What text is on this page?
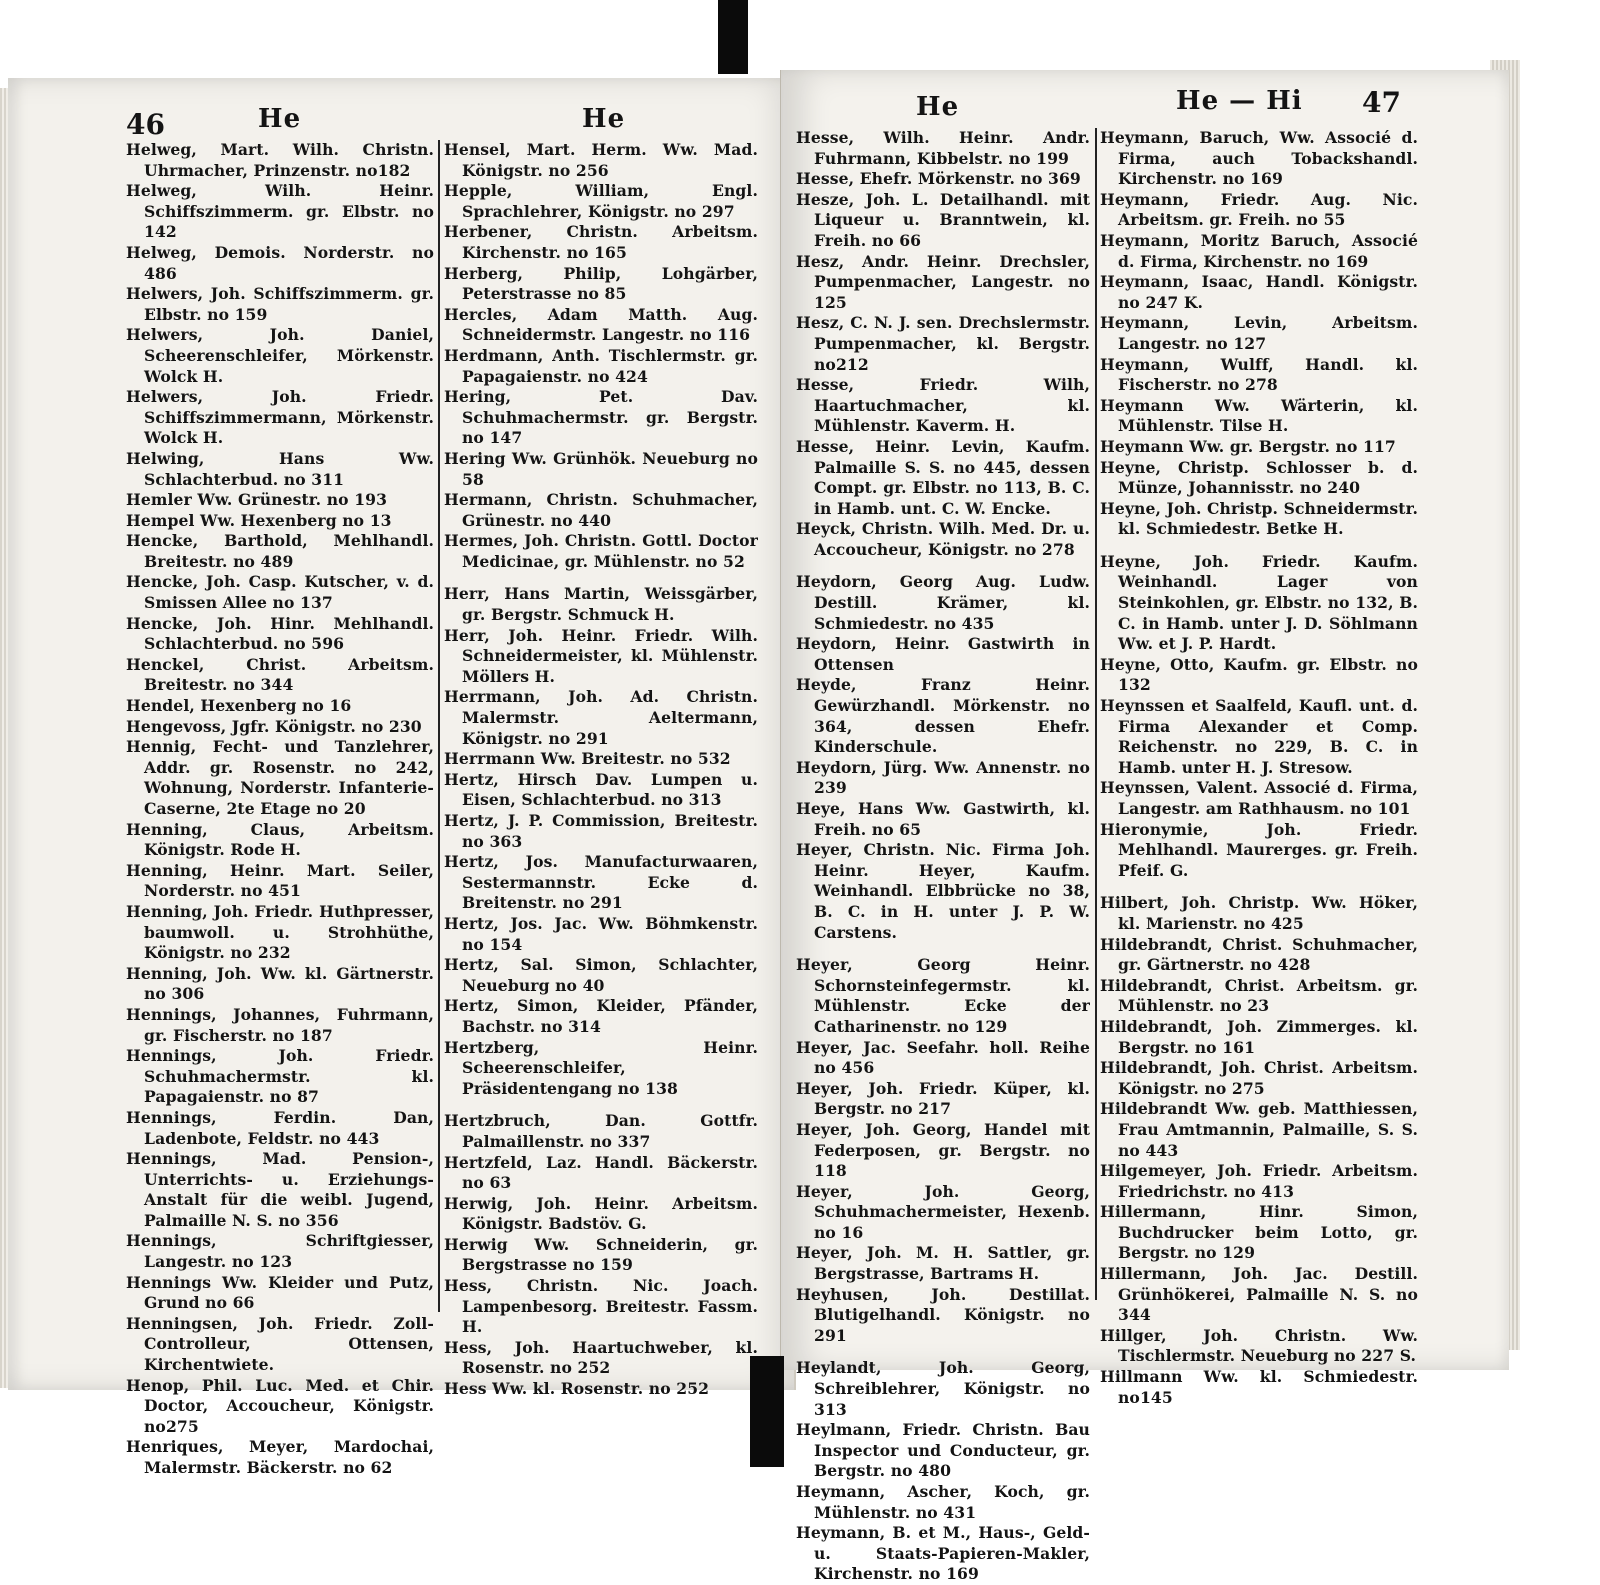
46	He	He	He	He — Hi 47

Helweg, Mart. Wilh. Christn. Uhrmacher, Prinzenstr. no182

Helweg, Wilh. Heinr. Schiffszimmerm. gr. Elbstr. no 142

Helweg, Demois. Norderstr. no 486

Helwers, Joh. Schiffszimmerm. gr. Elbstr. no 159

Helwers, Joh. Daniel, Scheerenschleifer, Mörkenstr. Wolck H.

Helwers, Joh. Friedr. Schiffszimmermann, Mörkenstr. Wolck H.

Helwing, Hans Ww. Schlachterbud. no 311

Hemler Ww. Grünestr. no 193

Hempel Ww. Hexenberg no 13

Hencke, Barthold, Mehlhandl. Breitestr. no 489

Hencke, Joh. Casp. Kutscher, v. d. Smissen Allee no 137

Hencke, Joh. Hinr. Mehlhandl. Schlachterbud. no 596

Henckel, Christ. Arbeitsm. Breitestr. no 344

Hendel, Hexenberg no 16

Hengevoss, Jgfr. Königstr. no 230

Hennig, Fecht- und Tanzlehrer, Addr. gr. Rosenstr. no 242, Wohnung, Norderstr. Infanterie-Caserne, 2te Etage no 20

Henning, Claus, Arbeitsm. Königstr. Rode H.

Henning, Heinr. Mart. Seiler, Norderstr. no 451

Henning, Joh. Friedr. Huthpresser, baumwoll. u. Strohhüthe, Königstr. no 232

Henning, Joh. Ww. kl. Gärtnerstr. no 306

Hennings, Johannes, Fuhrmann, gr. Fischerstr. no 187

Hennings, Joh. Friedr. Schuhmachermstr. kl. Papagaienstr. no 87

Hennings, Ferdin. Dan, Ladenbote, Feldstr. no 443

Hennings, Mad. Pension-, Unterrichts- u. Erziehungs-Anstalt für die weibl. Jugend, Palmaille N. S. no 356

Hennings, Schriftgiesser, Langestr. no 123

Hennings Ww. Kleider und Putz, Grund no 66

Henningsen, Joh. Friedr. Zoll-Controlleur, Ottensen, Kirchentwiete.

Henop, Phil. Luc. Med. et Chir. Doctor, Accoucheur, Königstr. no275

Henriques, Meyer, Mardochai, Malermstr. Bäckerstr. no 62

Hensel, Mart. Herm. Ww. Mad. Königstr. no 256

Hepple, William, Engl. Sprachlehrer, Königstr. no 297

Herbener, Christn. Arbeitsm. Kirchenstr. no 165

Herberg, Philip, Lohgärber, Peterstrasse no 85

Hercles, Adam Matth. Aug. Schneidermstr. Langestr. no 116

Herdmann, Anth. Tischlermstr. gr. Papagaienstr. no 424

Hering, Pet. Dav. Schuhmachermstr. gr. Bergstr. no 147

Hering Ww. Grünhök. Neueburg no 58

Hermann, Christn. Schuhmacher, Grünestr. no 440

Hermes, Joh. Christn. Gottl. Doctor Medicinae, gr. Mühlenstr. no 52

Herr, Hans Martin, Weissgärber, gr. Bergstr. Schmuck H.

Herr, Joh. Heinr. Friedr. Wilh. Schneidermeister, kl. Mühlenstr. Möllers H.

Herrmann, Joh. Ad. Christn. Malermstr. Aeltermann, Königstr. no 291

Herrmann Ww. Breitestr. no 532

Hertz, Hirsch Dav. Lumpen u. Eisen, Schlachterbud. no 313

Hertz, J. P. Commission, Breitestr. no 363

Hertz, Jos. Manufacturwaaren, Sestermannstr. Ecke d. Breitenstr. no 291

Hertz, Jos. Jac. Ww. Böhmkenstr. no 154

Hertz, Sal. Simon, Schlachter, Neueburg no 40

Hertz, Simon, Kleider, Pfänder, Bachstr. no 314

Hertzberg, Heinr. Scheerenschleifer, Präsidentengang no 138

Hertzbruch, Dan. Gottfr. Palmaillenstr. no 337

Hertzfeld, Laz. Handl. Bäckerstr. no 63

Herwig, Joh. Heinr. Arbeitsm. Königstr. Badstöv. G.

Herwig Ww. Schneiderin, gr. Bergstrasse no 159

Hess, Christn. Nic. Joach. Lampenbesorg. Breitestr. Fassm. H.

Hess, Joh. Haartuchweber, kl. Rosenstr. no 252

Hess Ww. kl. Rosenstr. no 252

Hesse, Wilh. Heinr. Andr. Fuhrmann, Kibbelstr. no 199

Hesse, Ehefr. Mörkenstr. no 369

Hesze, Joh. L. Detailhandl. mit Liqueur u. Branntwein, kl. Freih. no 66

Hesz, Andr. Heinr. Drechsler, Pumpenmacher, Langestr. no 125

Hesz, C. N. J. sen. Drechslermstr. Pumpenmacher, kl. Bergstr. no212

Hesse, Friedr. Wilh, Haartuchmacher, kl. Mühlenstr. Kaverm. H.

Hesse, Heinr. Levin, Kaufm. Palmaille S. S. no 445, dessen Compt. gr. Elbstr. no 113, B. C. in Hamb. unt. C. W. Encke.

Heyck, Christn. Wilh. Med. Dr. u. Accoucheur, Königstr. no 278

Heydorn, Georg Aug. Ludw. Destill. Krämer, kl. Schmiedestr. no 435

Heydorn, Heinr. Gastwirth in Ottensen

Heyde, Franz Heinr. Gewürzhandl. Mörkenstr. no 364, dessen Ehefr. Kinderschule.

Heydorn, Jürg. Ww. Annenstr. no 239

Heye, Hans Ww. Gastwirth, kl. Freih. no 65

Heyer, Christn. Nic. Firma Joh. Heinr. Heyer, Kaufm. Weinhandl. Elbbrücke no 38, B. C. in H. unter J. P. W. Carstens.

Heyer, Georg Heinr. Schornsteinfegermstr. kl. Mühlenstr. Ecke der Catharinenstr. no 129

Heyer, Jac. Seefahr. holl. Reihe no 456

Heyer, Joh. Friedr. Küper, kl. Bergstr. no 217

Heyer, Joh. Georg, Handel mit Federposen, gr. Bergstr. no 118

Heyer, Joh. Georg, Schuhmachermeister, Hexenb. no 16

Heyer, Joh. M. H. Sattler, gr. Bergstrasse, Bartrams H.

Heyhusen, Joh. Destillat. Blutigelhandl. Königstr. no 291

Heylandt, Joh. Georg, Schreiblehrer, Königstr. no 313

Heylmann, Friedr. Christn. Bau Inspector und Conducteur, gr. Bergstr. no 480

Heymann, Ascher, Koch, gr. Mühlenstr. no 431

Heymann, B. et M., Haus-, Geld- u. Staats-Papieren-Makler, Kirchenstr. no 169

Heymann, Baruch, Ww. Associé d. Firma, auch Tobackshandl. Kirchenstr. no 169

Heymann, Friedr. Aug. Nic. Arbeitsm. gr. Freih. no 55

Heymann, Moritz Baruch, Associé d. Firma, Kirchenstr. no 169

Heymann, Isaac, Handl. Königstr. no 247 K.

Heymann, Levin, Arbeitsm. Langestr. no 127

Heymann, Wulff, Handl. kl. Fischerstr. no 278

Heymann Ww. Wärterin, kl. Mühlenstr. Tilse H.

Heymann Ww. gr. Bergstr. no 117

Heyne, Christp. Schlosser b. d. Münze, Johannisstr. no 240

Heyne, Joh. Christp. Schneidermstr. kl. Schmiedestr. Betke H.

Heyne, Joh. Friedr. Kaufm. Weinhandl. Lager von Steinkohlen, gr. Elbstr. no 132, B. C. in Hamb. unter J. D. Söhlmann Ww. et J. P. Hardt.

Heyne, Otto, Kaufm. gr. Elbstr. no 132

Heynssen et Saalfeld, Kaufl. unt. d. Firma Alexander et Comp. Reichenstr. no 229, B. C. in Hamb. unter H. J. Stresow.

Heynssen, Valent. Associé d. Firma, Langestr. am Rathhausm. no 101

Hieronymie, Joh. Friedr. Mehlhandl. Maurerges. gr. Freih. Pfeif. G.

Hilbert, Joh. Christp. Ww. Höker, kl. Marienstr. no 425

Hildebrandt, Christ. Schuhmacher, gr. Gärtnerstr. no 428

Hildebrandt, Christ. Arbeitsm. gr. Mühlenstr. no 23

Hildebrandt, Joh. Zimmerges. kl. Bergstr. no 161

Hildebrandt, Joh. Christ. Arbeitsm. Königstr. no 275

Hildebrandt Ww. geb. Matthiessen, Frau Amtmannin, Palmaille, S. S. no 443

Hilgemeyer, Joh. Friedr. Arbeitsm. Friedrichstr. no 413

Hillermann, Hinr. Simon, Buchdrucker beim Lotto, gr. Bergstr. no 129

Hillermann, Joh. Jac. Destill. Grünhökerei, Palmaille N. S. no 344

Hillger, Joh. Christn. Ww. Tischlermstr. Neueburg no 227 S.

Hillmann Ww. kl. Schmiedestr. no145
